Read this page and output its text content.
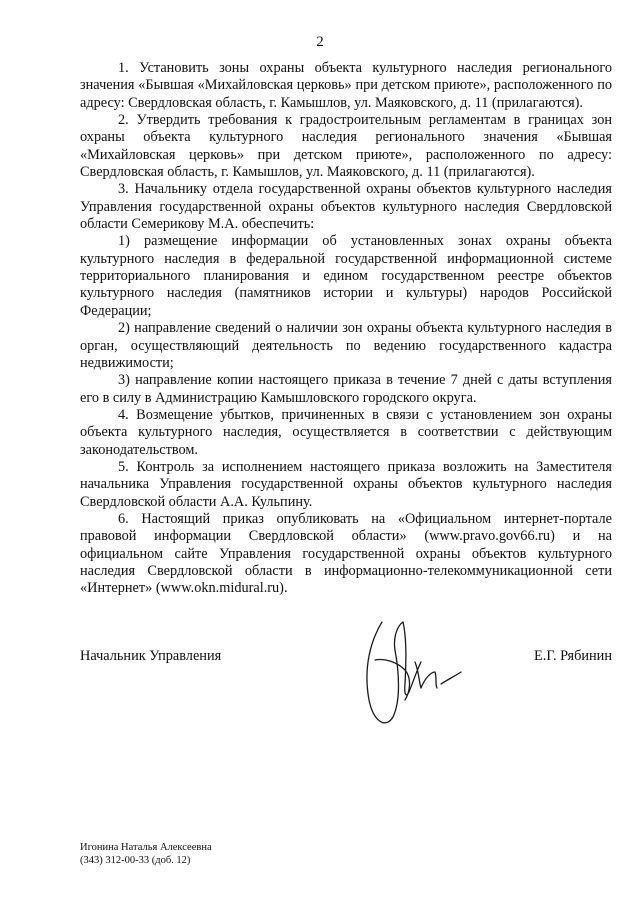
2

1. Установить зоны охраны объекта культурного наследия регионального значения «Бывшая «Михайловская церковь» при детском приюте», расположенного по адресу: Свердловская область, г. Камышлов, ул. Маяковского, д. 11 (прилагаются).

2. Утвердить требования к градостроительным регламентам в границах зон охраны объекта культурного наследия регионального значения «Бывшая «Михайловская церковь» при детском приюте», расположенного по адресу: Свердловская область, г. Камышлов, ул. Маяковского, д. 11 (прилагаются).

3. Начальнику отдела государственной охраны объектов культурного наследия Управления государственной охраны объектов культурного наследия Свердловской области Семерикову М.А. обеспечить:

1) размещение информации об установленных зонах охраны объекта культурного наследия в федеральной государственной информационной системе территориального планирования и едином государственном реестре объектов культурного наследия (памятников истории и культуры) народов Российской Федерации;

2) направление сведений о наличии зон охраны объекта культурного наследия в орган, осуществляющий деятельность по ведению государственного кадастра недвижимости;

3) направление копии настоящего приказа в течение 7 дней с даты вступления его в силу в Администрацию Камышловского городского округа.

4. Возмещение убытков, причиненных в связи с установлением зон охраны объекта культурного наследия, осуществляется в соответствии с действующим законодательством.

5. Контроль за исполнением настоящего приказа возложить на Заместителя начальника Управления государственной охраны объектов культурного наследия Свердловской области А.А. Кульпину.

6. Настоящий приказ опубликовать на «Официальном интернет-портале правовой информации Свердловской области» (www.pravo.gov66.ru) и на официальном сайте Управления государственной охраны объектов культурного наследия Свердловской области в информационно-телекоммуникационной сети «Интернет» (www.okn.midural.ru).

Начальник Управления	Е.Г. Рябинин
Игонина Наталья Алексеевна
(343) 312-00-33 (доб. 12)
